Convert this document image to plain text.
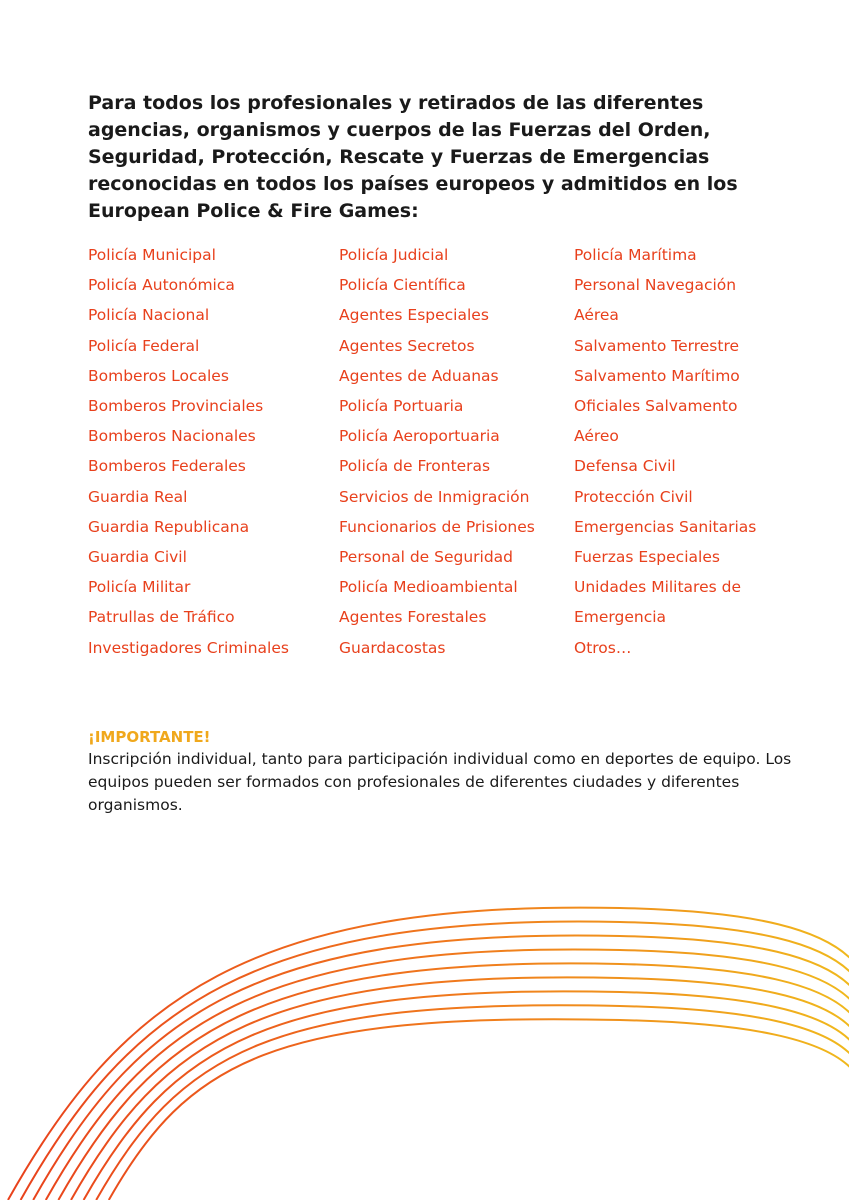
Para todos los profesionales y retirados de las diferentes agencias, organismos y cuerpos de las Fuerzas del Orden, Seguridad, Protección, Rescate y Fuerzas de Emergencias reconocidas en todos los países europeos y admitidos en los European Police & Fire Games:

Policía Municipal
Policía Autonómica
Policía Nacional
Policía Federal
Bomberos Locales
Bomberos Provinciales
Bomberos Nacionales
Bomberos Federales
Guardia Real
Guardia Republicana
Guardia Civil
Policía Militar
Patrullas de Tráfico
Investigadores Criminales
Policía Judicial
Policía Científica
Agentes Especiales
Agentes Secretos
Agentes de Aduanas
Policía Portuaria
Policía Aeroportuaria
Policía de Fronteras
Servicios de Inmigración
Funcionarios de Prisiones
Personal de Seguridad
Policía Medioambiental
Agentes Forestales
Guardacostas
Policía Marítima
Personal Navegación
Aérea
Salvamento Terrestre
Salvamento Marítimo
Oficiales Salvamento
Aéreo
Defensa Civil
Protección Civil
Emergencias Sanitarias
Fuerzas Especiales
Unidades Militares de
Emergencia
Otros…

¡IMPORTANTE!

Inscripción individual, tanto para participación individual como en deportes de equipo. Los equipos pueden ser formados con profesionales de diferentes ciudades y diferentes organismos.
